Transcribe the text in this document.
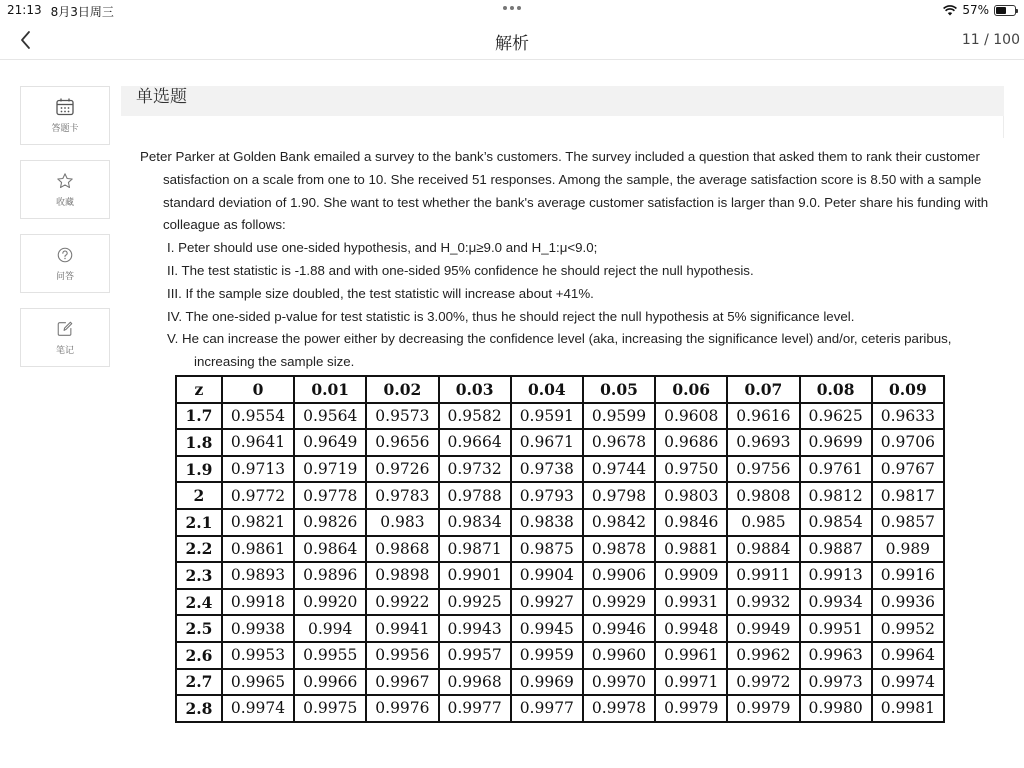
21:13 8月3日周三	57%
解析	11 / 100
答题卡
收藏
问答
笔记
单选题
Peter Parker at Golden Bank emailed a survey to the bank’s customers. The survey included a question that asked them to rank their customer satisfaction on a scale from one to 10. She received 51 responses. Among the sample, the average satisfaction score is 8.50 with a sample standard deviation of 1.90. She want to test whether the bank's average customer satisfaction is larger than 9.0. Peter share his funding with colleague as follows:
I. Peter should use one-sided hypothesis, and H_0:μ≥9.0 and H_1:μ<9.0;
II. The test statistic is -1.88 and with one-sided 95% confidence he should reject the null hypothesis.
III. If the sample size doubled, the test statistic will increase about +41%.
IV. The one-sided p-value for test statistic is 3.00%, thus he should reject the null hypothesis at 5% significance level.
V. He can increase the power either by decreasing the confidence level (aka, increasing the significance level) and/or, ceteris paribus, increasing the sample size.
z	0	0.01	0.02	0.03	0.04	0.05	0.06	0.07	0.08	0.09
1.7	0.9554	0.9564	0.9573	0.9582	0.9591	0.9599	0.9608	0.9616	0.9625	0.9633
1.8	0.9641	0.9649	0.9656	0.9664	0.9671	0.9678	0.9686	0.9693	0.9699	0.9706
1.9	0.9713	0.9719	0.9726	0.9732	0.9738	0.9744	0.9750	0.9756	0.9761	0.9767
2	0.9772	0.9778	0.9783	0.9788	0.9793	0.9798	0.9803	0.9808	0.9812	0.9817
2.1	0.9821	0.9826	0.983	0.9834	0.9838	0.9842	0.9846	0.985	0.9854	0.9857
2.2	0.9861	0.9864	0.9868	0.9871	0.9875	0.9878	0.9881	0.9884	0.9887	0.989
2.3	0.9893	0.9896	0.9898	0.9901	0.9904	0.9906	0.9909	0.9911	0.9913	0.9916
2.4	0.9918	0.9920	0.9922	0.9925	0.9927	0.9929	0.9931	0.9932	0.9934	0.9936
2.5	0.9938	0.994	0.9941	0.9943	0.9945	0.9946	0.9948	0.9949	0.9951	0.9952
2.6	0.9953	0.9955	0.9956	0.9957	0.9959	0.9960	0.9961	0.9962	0.9963	0.9964
2.7	0.9965	0.9966	0.9967	0.9968	0.9969	0.9970	0.9971	0.9972	0.9973	0.9974
2.8	0.9974	0.9975	0.9976	0.9977	0.9977	0.9978	0.9979	0.9979	0.9980	0.9981
